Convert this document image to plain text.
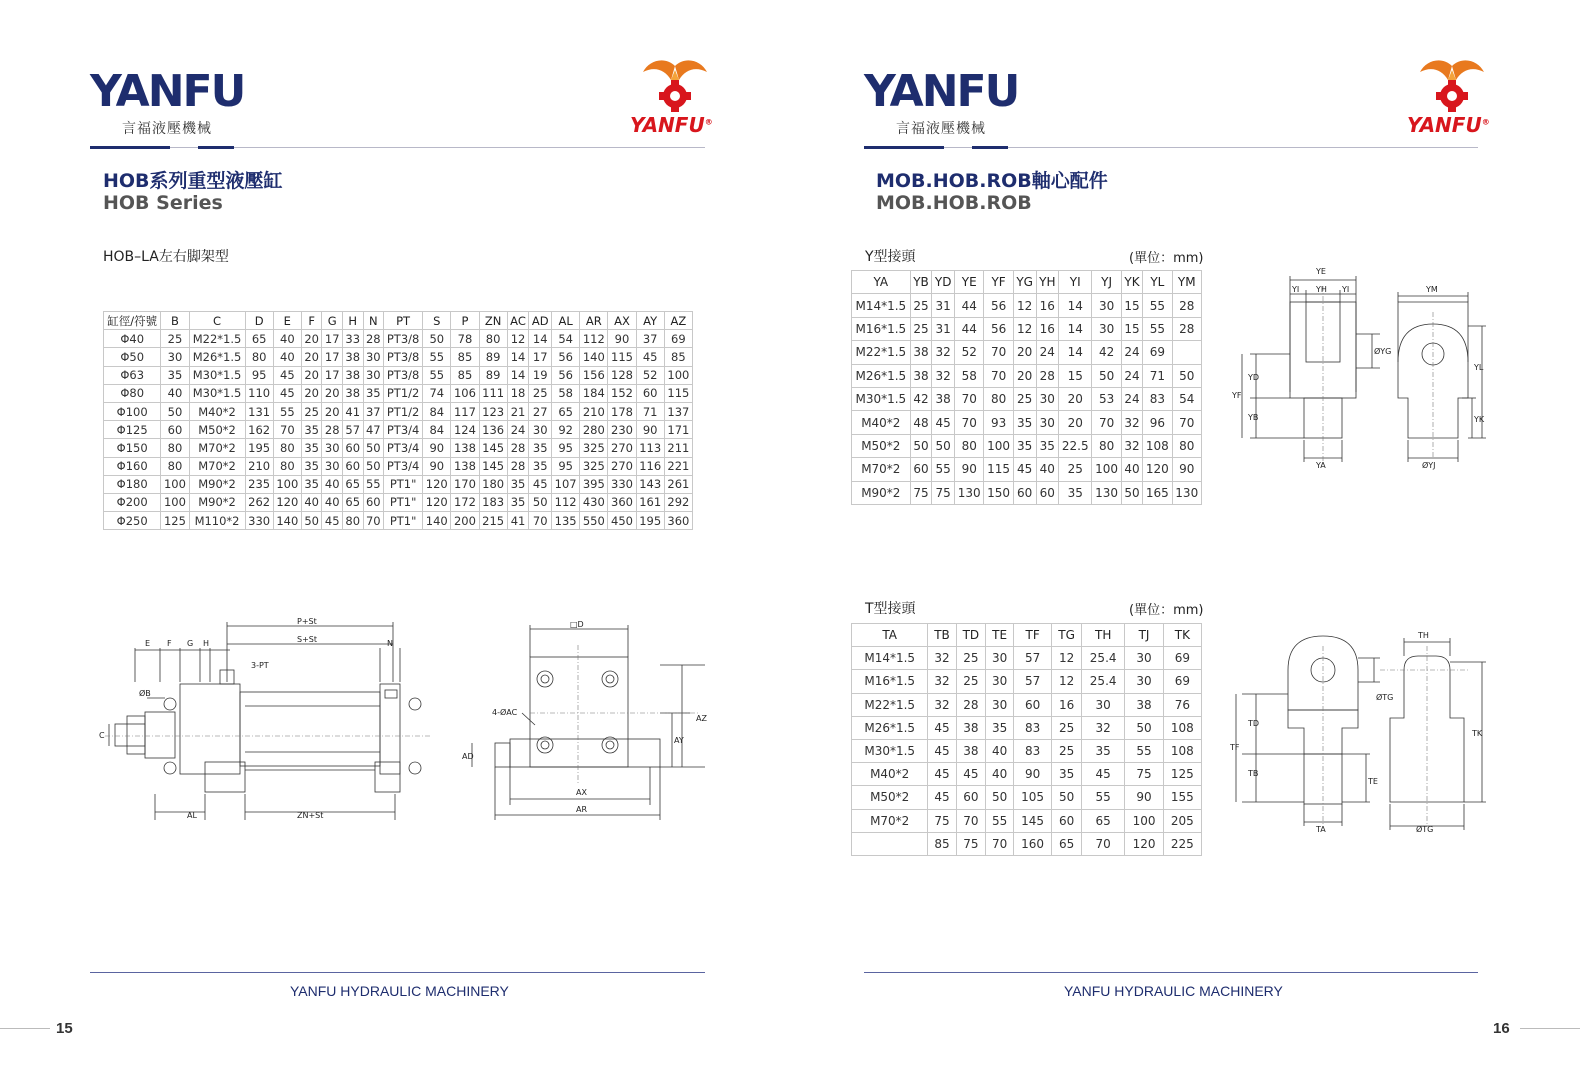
YANFU
言福液壓機械	YANFU®
HOB系列重型液壓缸
HOB Series
HOB–LA左右脚架型
缸徑/符號	B	C	D	E	F	G	H	N	PT	S	P	ZN	AC	AD	AL	AR	AX	AY	AZ
Φ40	25	M22*1.5	65	40	20	17	33	28	PT3/8	50	78	80	12	14	54	112	90	37	69
Φ50	30	M26*1.5	80	40	20	17	38	30	PT3/8	55	85	89	14	17	56	140	115	45	85
Φ63	35	M30*1.5	95	45	20	17	38	30	PT3/8	55	85	89	14	19	56	156	128	52	100
Φ80	40	M30*1.5	110	45	20	20	38	35	PT1/2	74	106	111	18	25	58	184	152	60	115
Φ100	50	M40*2	131	55	25	20	41	37	PT1/2	84	117	123	21	27	65	210	178	71	137
Φ125	60	M50*2	162	70	35	28	57	47	PT3/4	84	124	136	24	30	92	280	230	90	171
Φ150	80	M70*2	195	80	35	30	60	50	PT3/4	90	138	145	28	35	95	325	270	113	211
Φ160	80	M70*2	210	80	35	30	60	50	PT3/4	90	138	145	28	35	95	325	270	116	221
Φ180	100	M90*2	235	100	35	40	65	55	PT1"	120	170	180	35	45	107	395	330	143	261
Φ200	100	M90*2	262	120	40	40	65	60	PT1"	120	172	183	35	50	112	430	360	161	292
Φ250	125	M110*2	330	140	50	45	80	70	PT1"	140	200	215	41	70	135	550	450	195	360
P+St
S+St
E F G H	N
3-PT
ØB
C
AL	ZN+St
□D
4-ØAC
AD
AY
AZ
AX
AR
YANFU HYDRAULIC MACHINERY
15
YANFU
言福液壓機械	YANFU®
MOB.HOB.ROB軸心配件
MOB.HOB.ROB
Y型接頭	(單位：mm)
YA	YB	YD	YE	YF	YG	YH	YI	YJ	YK	YL	YM
M14*1.5	25	31	44	56	12	16	14	30	15	55	28
M16*1.5	25	31	44	56	12	16	14	30	15	55	28
M22*1.5	38	32	52	70	20	24	14	42	24	69	
M26*1.5	38	32	58	70	20	28	15	50	24	71	50
M30*1.5	42	38	70	80	25	30	20	53	24	83	54
M40*2	48	45	70	93	35	30	20	70	32	96	70
M50*2	50	50	80	100	35	35	22.5	80	32	108	80
M70*2	60	55	90	115	45	40	25	100	40	120	90
M90*2	75	75	130	150	60	60	35	130	50	165	130
YE
YI YH YI	YM
ØYG
YD
YF
YB
YA
YL
YK
ØYJ
T型接頭	(單位：mm)
TA	TB	TD	TE	TF	TG	TH	TJ	TK
M14*1.5	32	25	30	57	12	25.4	30	69
M16*1.5	32	25	30	57	12	25.4	30	69
M22*1.5	32	28	30	60	16	30	38	76
M26*1.5	45	38	35	83	25	32	50	108
M30*1.5	45	38	40	83	25	35	55	108
M40*2	45	45	40	90	35	45	75	125
M50*2	45	60	50	105	50	55	90	155
M70*2	75	70	55	145	60	65	100	205
	85	75	70	160	65	70	120	225
TH
ØTG
TD
TF
TB
TE
TK
TA	ØTG
YANFU HYDRAULIC MACHINERY
16
